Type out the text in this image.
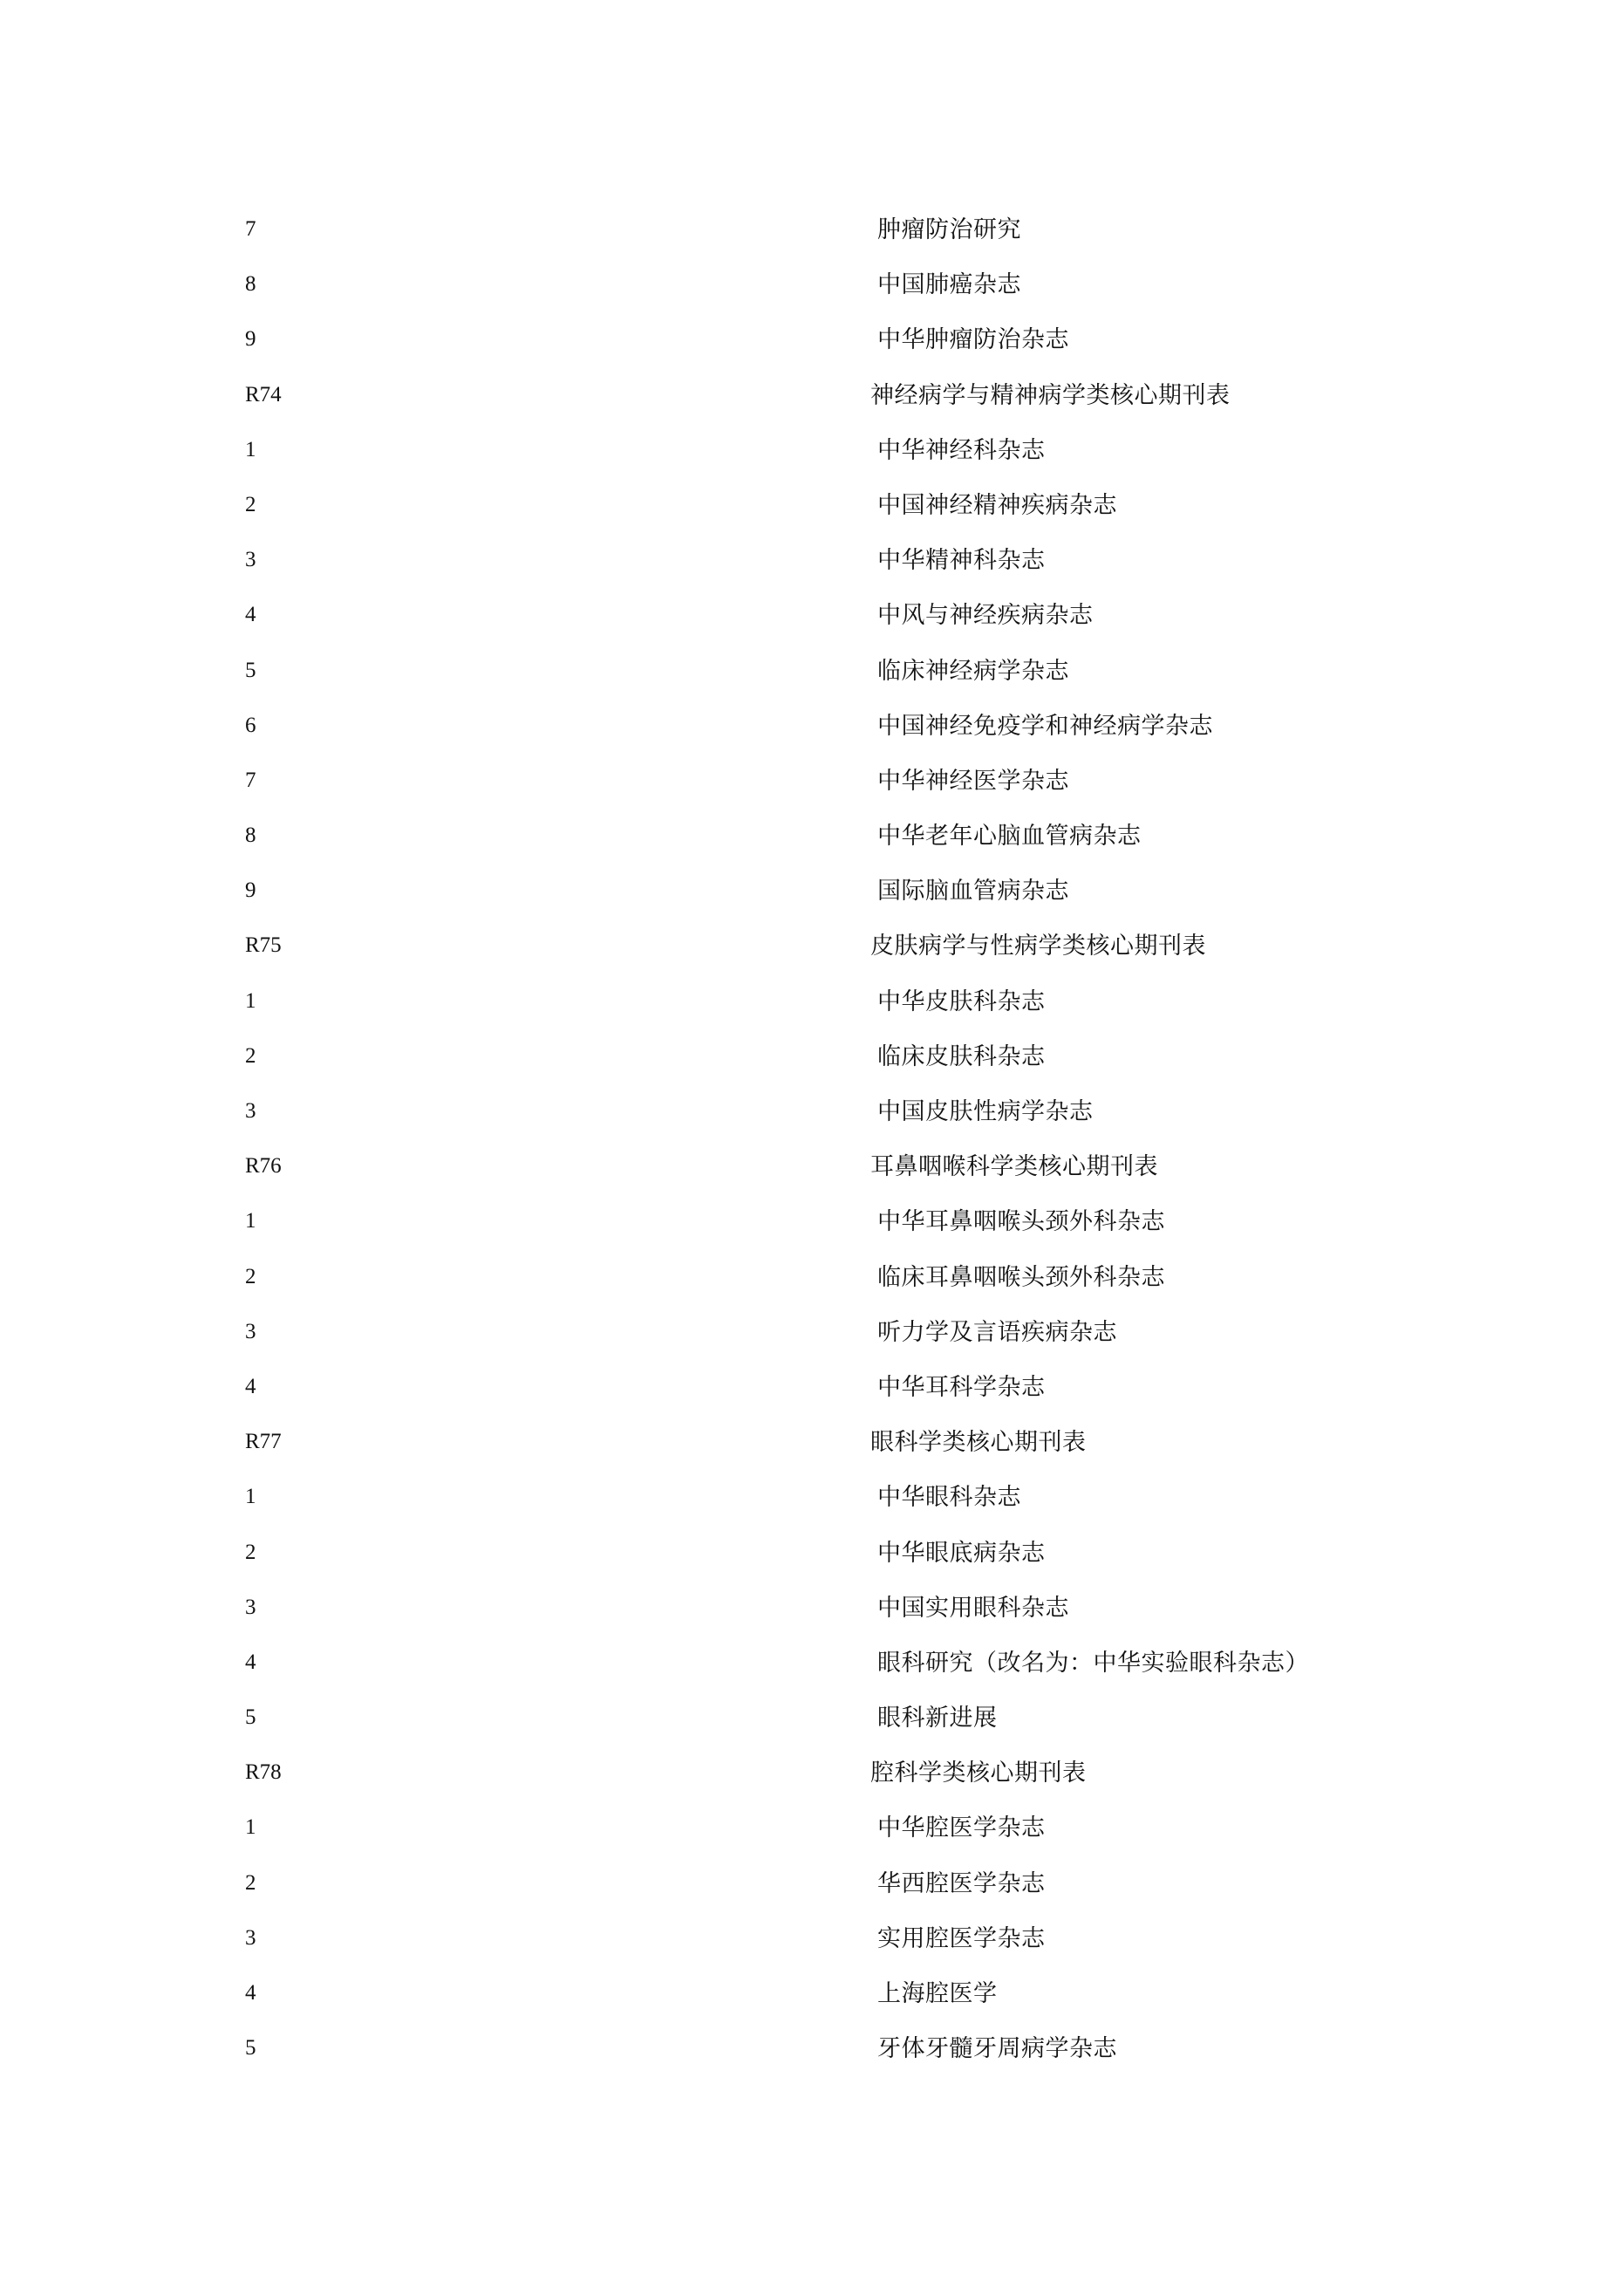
7	肿瘤防治研究
8	中国肺癌杂志
9	中华肿瘤防治杂志
R74	神经病学与精神病学类核心期刊表
1	中华神经科杂志
2	中国神经精神疾病杂志
3	中华精神科杂志
4	中风与神经疾病杂志
5	临床神经病学杂志
6	中国神经免疫学和神经病学杂志
7	中华神经医学杂志
8	中华老年心脑血管病杂志
9	国际脑血管病杂志
R75	皮肤病学与性病学类核心期刊表
1	中华皮肤科杂志
2	临床皮肤科杂志
3	中国皮肤性病学杂志
R76	耳鼻咽喉科学类核心期刊表
1	中华耳鼻咽喉头颈外科杂志
2	临床耳鼻咽喉头颈外科杂志
3	听力学及言语疾病杂志
4	中华耳科学杂志
R77	眼科学类核心期刊表
1	中华眼科杂志
2	中华眼底病杂志
3	中国实用眼科杂志
4	眼科研究（改名为：中华实验眼科杂志）
5	眼科新进展
R78	腔科学类核心期刊表
1	中华腔医学杂志
2	华西腔医学杂志
3	实用腔医学杂志
4	上海腔医学
5	牙体牙髓牙周病学杂志
